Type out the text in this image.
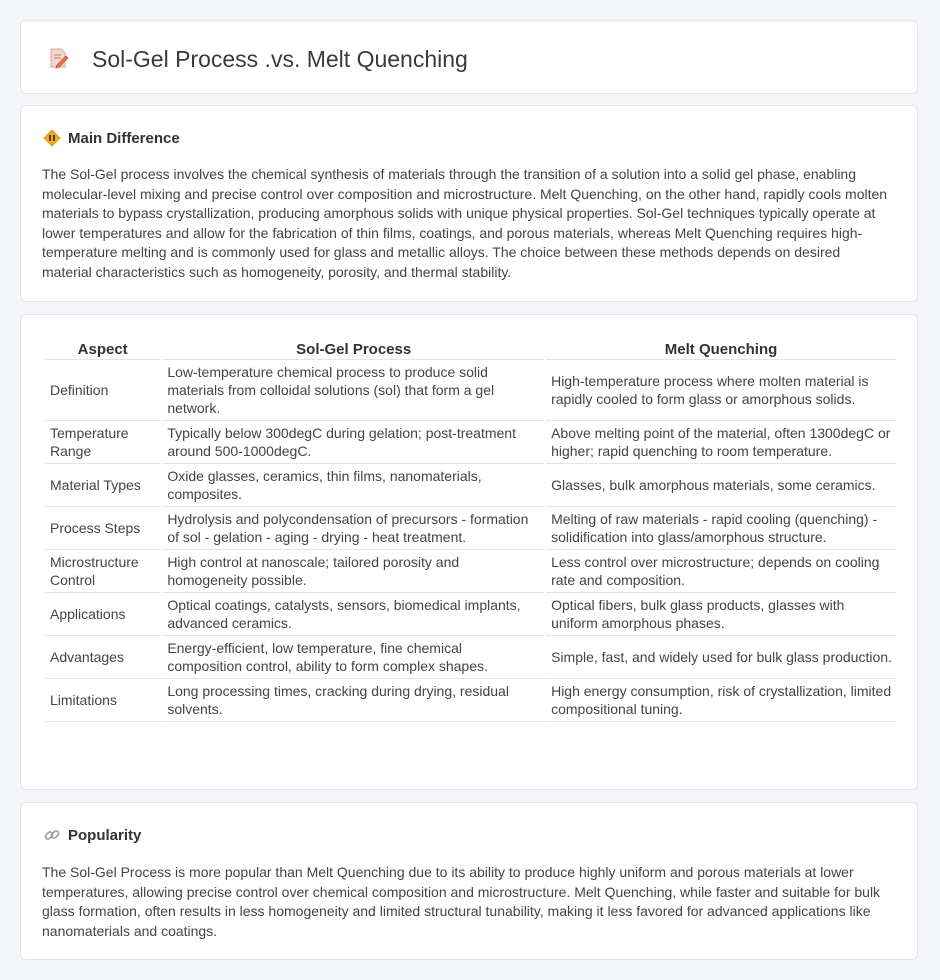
Sol-Gel Process .vs. Melt Quenching
Main Difference

The Sol-Gel process involves the chemical synthesis of materials through the transition of a solution into a solid gel phase, enabling molecular-level mixing and precise control over composition and microstructure. Melt Quenching, on the other hand, rapidly cools molten materials to bypass crystallization, producing amorphous solids with unique physical properties. Sol-Gel techniques typically operate at lower temperatures and allow for the fabrication of thin films, coatings, and porous materials, whereas Melt Quenching requires high-temperature melting and is commonly used for glass and metallic alloys. The choice between these methods depends on desired material characteristics such as homogeneity, porosity, and thermal stability.

Aspect	Sol-Gel Process	Melt Quenching
Definition	Low-temperature chemical process to produce solid materials from colloidal solutions (sol) that form a gel network.	High-temperature process where molten material is rapidly cooled to form glass or amorphous solids.
Temperature Range	Typically below 300degC during gelation; post-treatment around 500-1000degC.	Above melting point of the material, often 1300degC or higher; rapid quenching to room temperature.
Material Types	Oxide glasses, ceramics, thin films, nanomaterials, composites.	Glasses, bulk amorphous materials, some ceramics.
Process Steps	Hydrolysis and polycondensation of precursors - formation of sol - gelation - aging - drying - heat treatment.	Melting of raw materials - rapid cooling (quenching) - solidification into glass/amorphous structure.
Microstructure Control	High control at nanoscale; tailored porosity and homogeneity possible.	Less control over microstructure; depends on cooling rate and composition.
Applications	Optical coatings, catalysts, sensors, biomedical implants, advanced ceramics.	Optical fibers, bulk glass products, glasses with uniform amorphous phases.
Advantages	Energy-efficient, low temperature, fine chemical composition control, ability to form complex shapes.	Simple, fast, and widely used for bulk glass production.
Limitations	Long processing times, cracking during drying, residual solvents.	High energy consumption, risk of crystallization, limited compositional tuning.
Popularity

The Sol-Gel Process is more popular than Melt Quenching due to its ability to produce highly uniform and porous materials at lower temperatures, allowing precise control over chemical composition and microstructure. Melt Quenching, while faster and suitable for bulk glass formation, often results in less homogeneity and limited structural tunability, making it less favored for advanced applications like nanomaterials and coatings.
